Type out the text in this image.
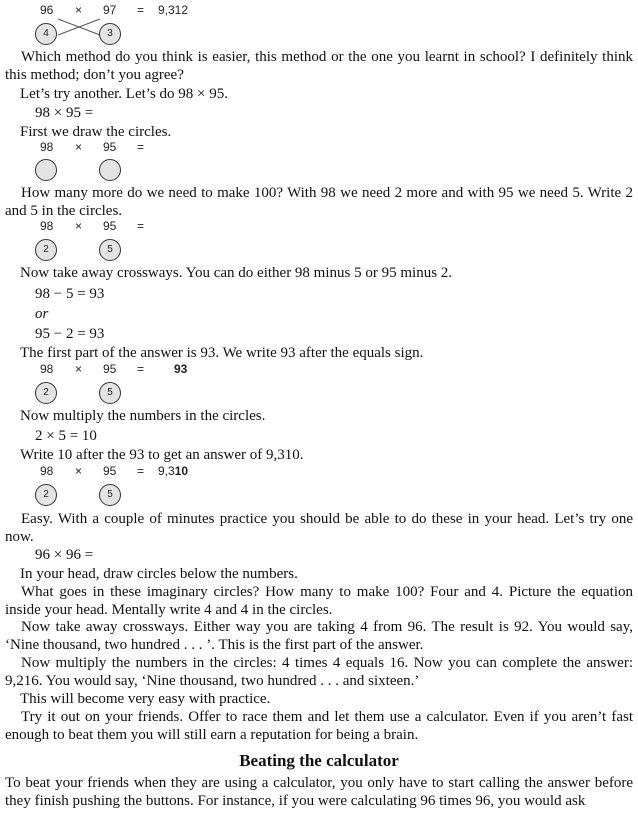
96 × 97 = 9,312
4	3

Which method do you think is easier, this method or the one you learnt in school? I definitely think this method; don’t you agree?

Let’s try another. Let’s do 98 × 95.

98 × 95 =

First we draw the circles.

98 × 95 =

How many more do we need to make 100? With 98 we need 2 more and with 95 we need 5. Write 2 and 5 in the circles.

98 × 95 =
2	5

Now take away crossways. You can do either 98 minus 5 or 95 minus 2.

98 − 5 = 93

or

95 − 2 = 93

The first part of the answer is 93. We write 93 after the equals sign.

98 × 95 = 93
2	5

Now multiply the numbers in the circles.

2 × 5 = 10

Write 10 after the 93 to get an answer of 9,310.

98 × 95 = 9,310
2	5

Easy. With a couple of minutes practice you should be able to do these in your head. Let’s try one now.

96 × 96 =

In your head, draw circles below the numbers.

What goes in these imaginary circles? How many to make 100? Four and 4. Picture the equation inside your head. Mentally write 4 and 4 in the circles.

Now take away crossways. Either way you are taking 4 from 96. The result is 92. You would say, ‘Nine thousand, two hundred . . . ’. This is the first part of the answer.

Now multiply the numbers in the circles: 4 times 4 equals 16. Now you can complete the answer: 9,216. You would say, ‘Nine thousand, two hundred . . . and sixteen.’

This will become very easy with practice.

Try it out on your friends. Offer to race them and let them use a calculator. Even if you aren’t fast enough to beat them you will still earn a reputation for being a brain.

Beating the calculator

To beat your friends when they are using a calculator, you only have to start calling the answer before they finish pushing the buttons. For instance, if you were calculating 96 times 96, you would ask
